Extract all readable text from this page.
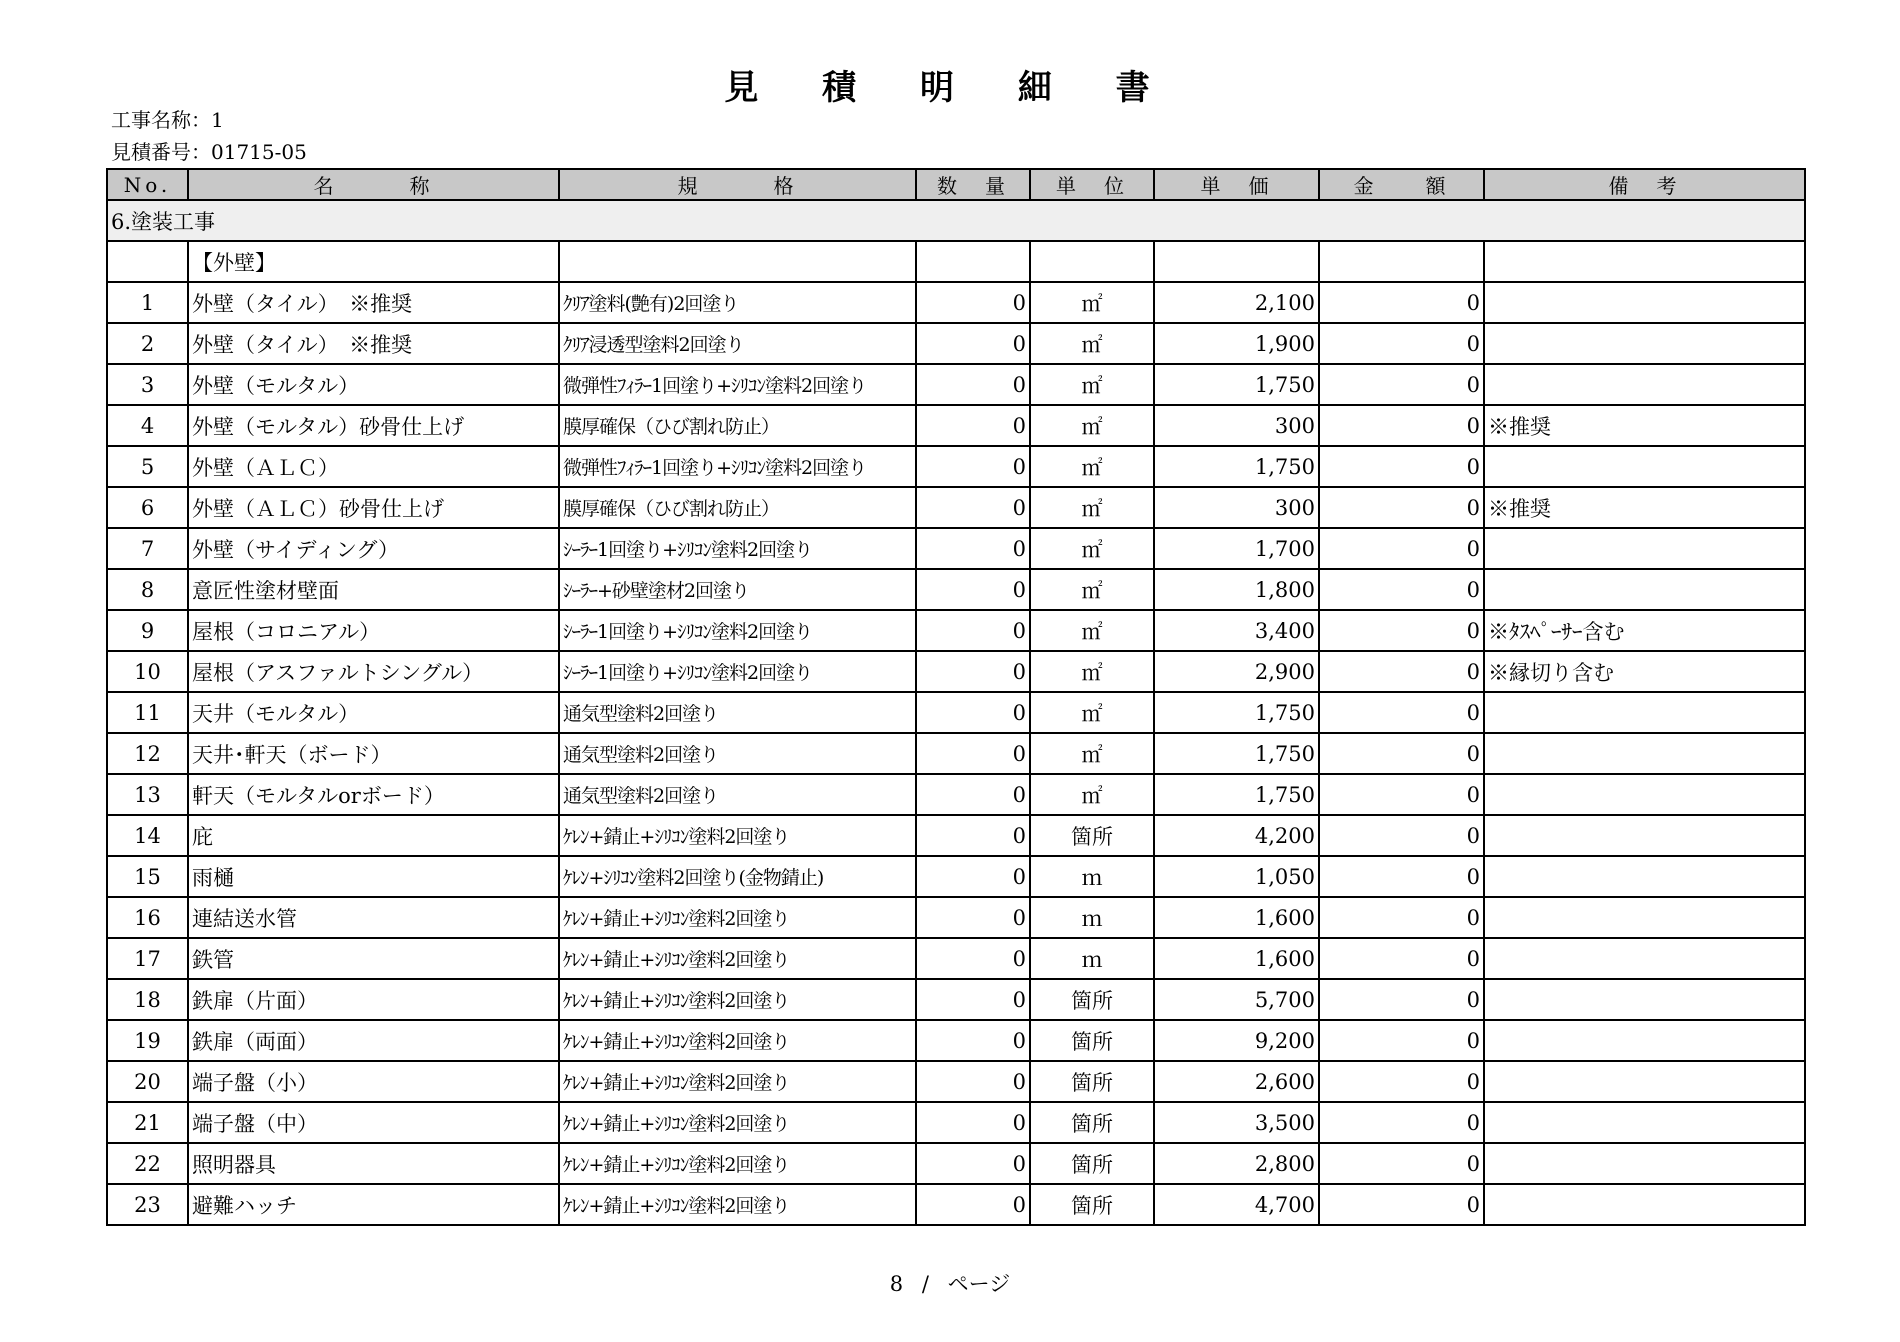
見 積 明 細 書
工事名称：1
見積番号：01715-05
No.	名　　　称	規　　　格	数　量	単　位	単　価	金　　額	備　考
6.塗装工事							
	【外壁】						
1	外壁（タイル）　※推奨	ｸﾘｱ塗料(艶有)2回塗り	0	㎡	2,100	0	
2	外壁（タイル）　※推奨	ｸﾘｱ浸透型塗料2回塗り	0	㎡	1,900	0	
3	外壁（モルタル）	微弾性ﾌｨﾗｰ1回塗り+ｼﾘｺﾝ塗料2回塗り	0	㎡	1,750	0	
4	外壁（モルタル）砂骨仕上げ	膜厚確保（ひび割れ防止）	0	㎡	300	0	※推奨
5	外壁（ＡＬＣ）	微弾性ﾌｨﾗｰ1回塗り+ｼﾘｺﾝ塗料2回塗り	0	㎡	1,750	0	
6	外壁（ＡＬＣ）砂骨仕上げ	膜厚確保（ひび割れ防止）	0	㎡	300	0	※推奨
7	外壁（サイディング）	ｼｰﾗｰ1回塗り+ｼﾘｺﾝ塗料2回塗り	0	㎡	1,700	0	
8	意匠性塗材壁面	ｼｰﾗｰ+砂壁塗材2回塗り	0	㎡	1,800	0	
9	屋根（コロニアル）	ｼｰﾗｰ1回塗り+ｼﾘｺﾝ塗料2回塗り	0	㎡	3,400	0	※ﾀｽﾍﾟｰｻｰ含む
10	屋根（アスファルトシングル）	ｼｰﾗｰ1回塗り+ｼﾘｺﾝ塗料2回塗り	0	㎡	2,900	0	※縁切り含む
11	天井（モルタル）	通気型塗料2回塗り	0	㎡	1,750	0	
12	天井･軒天（ボード）	通気型塗料2回塗り	0	㎡	1,750	0	
13	軒天（モルタルorボード）	通気型塗料2回塗り	0	㎡	1,750	0	
14	庇	ｹﾚﾝ+錆止+ｼﾘｺﾝ塗料2回塗り	0	箇所	4,200	0	
15	雨樋	ｹﾚﾝ+ｼﾘｺﾝ塗料2回塗り(金物錆止)	0	ｍ	1,050	0	
16	連結送水管	ｹﾚﾝ+錆止+ｼﾘｺﾝ塗料2回塗り	0	ｍ	1,600	0	
17	鉄管	ｹﾚﾝ+錆止+ｼﾘｺﾝ塗料2回塗り	0	ｍ	1,600	0	
18	鉄扉（片面）	ｹﾚﾝ+錆止+ｼﾘｺﾝ塗料2回塗り	0	箇所	5,700	0	
19	鉄扉（両面）	ｹﾚﾝ+錆止+ｼﾘｺﾝ塗料2回塗り	0	箇所	9,200	0	
20	端子盤（小）	ｹﾚﾝ+錆止+ｼﾘｺﾝ塗料2回塗り	0	箇所	2,600	0	
21	端子盤（中）	ｹﾚﾝ+錆止+ｼﾘｺﾝ塗料2回塗り	0	箇所	3,500	0	
22	照明器具	ｹﾚﾝ+錆止+ｼﾘｺﾝ塗料2回塗り	0	箇所	2,800	0	
23	避難ハッチ	ｹﾚﾝ+錆止+ｼﾘｺﾝ塗料2回塗り	0	箇所	4,700	0	
8 / ページ
